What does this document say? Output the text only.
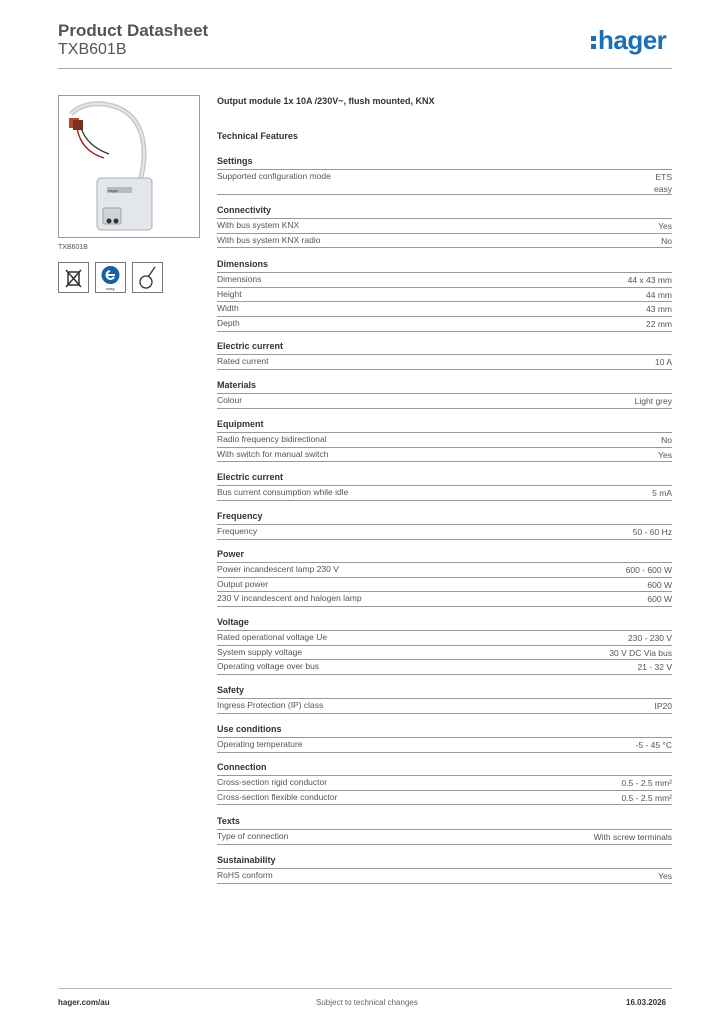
Product Datasheet
TXB601B	hager
hager
TXB601B
easy
Output module 1x 10A /230V~, flush mounted, KNX
Technical Features
Settings
Supported configuration mode	ETS
easy
Connectivity
With bus system KNX	Yes
With bus system KNX radio	No
Dimensions
Dimensions	44 x 43 mm
Height	44 mm
Width	43 mm
Depth	22 mm
Electric current
Rated current	10 A
Materials
Colour	Light grey
Equipment
Radio frequency bidirectional	No
With switch for manual switch	Yes
Electric current
Bus current consumption while idle	5 mA
Frequency
Frequency	50 - 60 Hz
Power
Power incandescent lamp 230 V	600 - 600 W
Output power	600 W
230 V incandescent and halogen lamp	600 W
Voltage
Rated operational voltage Ue	230 - 230 V
System supply voltage	30 V DC Via bus
Operating voltage over bus	21 - 32 V
Safety
Ingress Protection (IP) class	IP20
Use conditions
Operating temperature	-5 - 45 °C
Connection
Cross-section rigid conductor	0.5 - 2.5 mm²
Cross-section flexible conductor	0.5 - 2.5 mm²
Texts
Type of connection	With screw terminals
Sustainability
RoHS conform	Yes
hager.com/au	Subject to technical changes	16.03.2026
